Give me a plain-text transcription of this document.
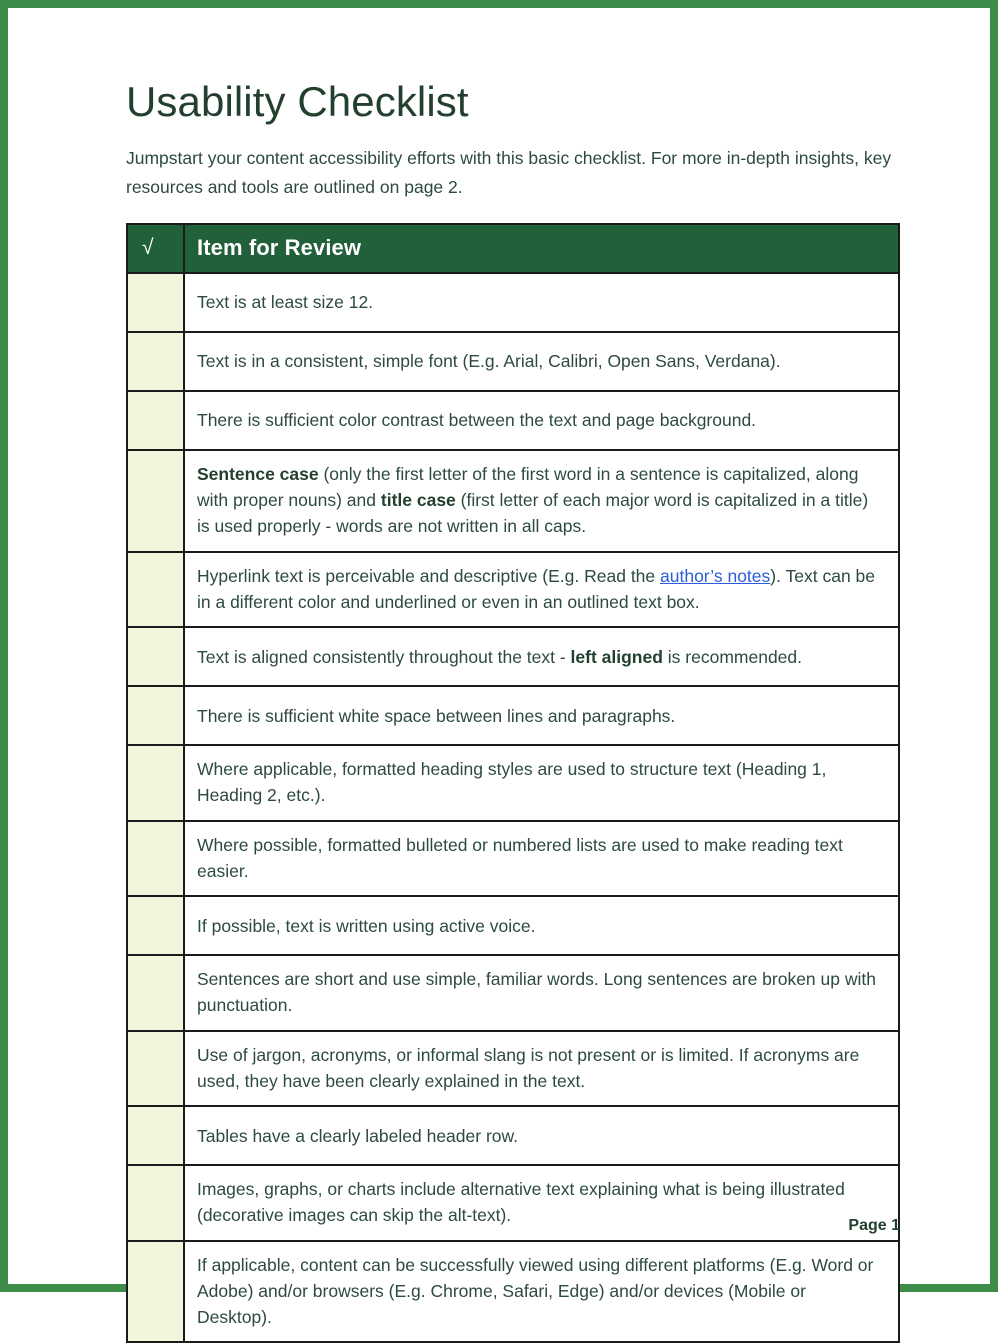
Usability Checklist

Jumpstart your content accessibility efforts with this basic checklist. For more in-depth insights, key resources and tools are outlined on page 2.

√	Item for Review
	Text is at least size 12.
	Text is in a consistent, simple font (E.g. Arial, Calibri, Open Sans, Verdana).
	There is sufficient color contrast between the text and page background.
	Sentence case (only the first letter of the first word in a sentence is capitalized, along with proper nouns) and title case (first letter of each major word is capitalized in a title) is used properly - words are not written in all caps.
	Hyperlink text is perceivable and descriptive (E.g. Read the author’s notes). Text can be in a different color and underlined or even in an outlined text box.
	Text is aligned consistently throughout the text - left aligned is recommended.
	There is sufficient white space between lines and paragraphs.
	Where applicable, formatted heading styles are used to structure text (Heading 1, Heading 2, etc.).
	Where possible, formatted bulleted or numbered lists are used to make reading text easier.
	If possible, text is written using active voice.
	Sentences are short and use simple, familiar words. Long sentences are broken up with punctuation.
	Use of jargon, acronyms, or informal slang is not present or is limited. If acronyms are used, they have been clearly explained in the text.
	Tables have a clearly labeled header row.
	Images, graphs, or charts include alternative text explaining what is being illustrated (decorative images can skip the alt-text).
	If applicable, content can be successfully viewed using different platforms (E.g. Word or Adobe) and/or browsers (E.g. Chrome, Safari, Edge) and/or devices (Mobile or Desktop).
Page 1
